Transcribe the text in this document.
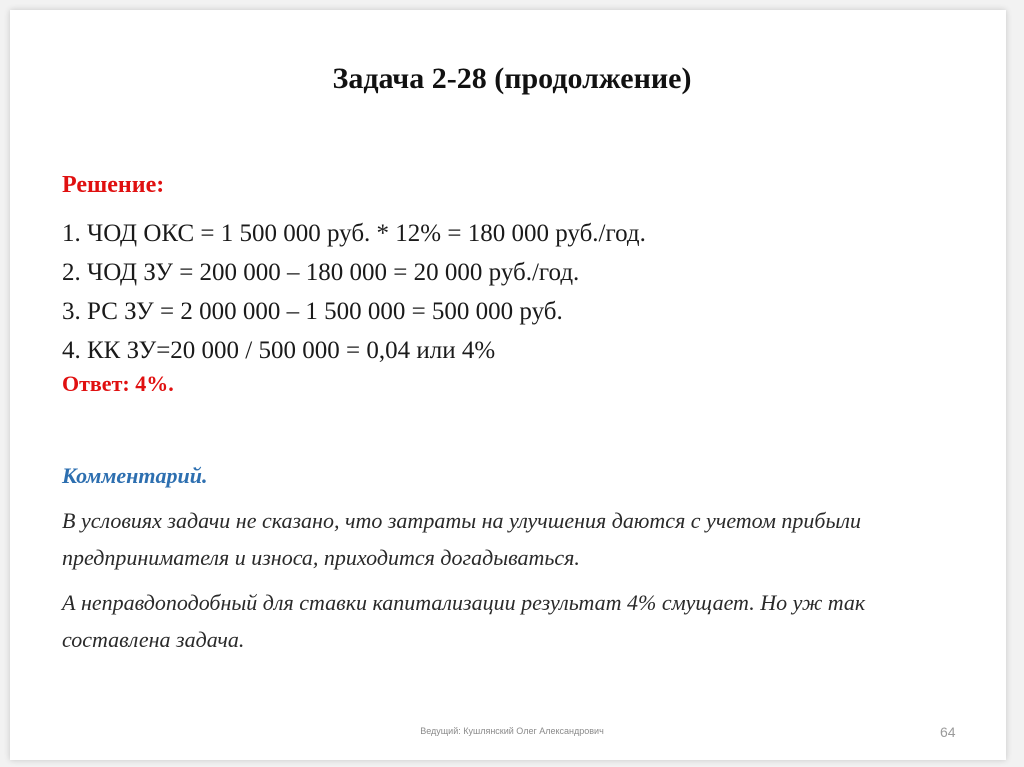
Задача 2-28 (продолжение)
Решение:
1. ЧОД ОКС = 1 500 000 руб. * 12% = 180 000 руб./год.
2. ЧОД ЗУ = 200 000 – 180 000 = 20 000 руб./год.
3. РС ЗУ = 2 000 000 – 1 500 000 = 500 000 руб.
4. КК ЗУ=20 000 / 500 000 = 0,04 или 4%
Ответ: 4%.
Комментарий.
В условиях задачи не сказано, что затраты на улучшения даются с учетом прибыли предпринимателя и износа, приходится догадываться.
А неправдоподобный для ставки капитализации результат 4% смущает. Но уж так составлена задача.
Ведущий: Кушлянский Олег Александрович	64
